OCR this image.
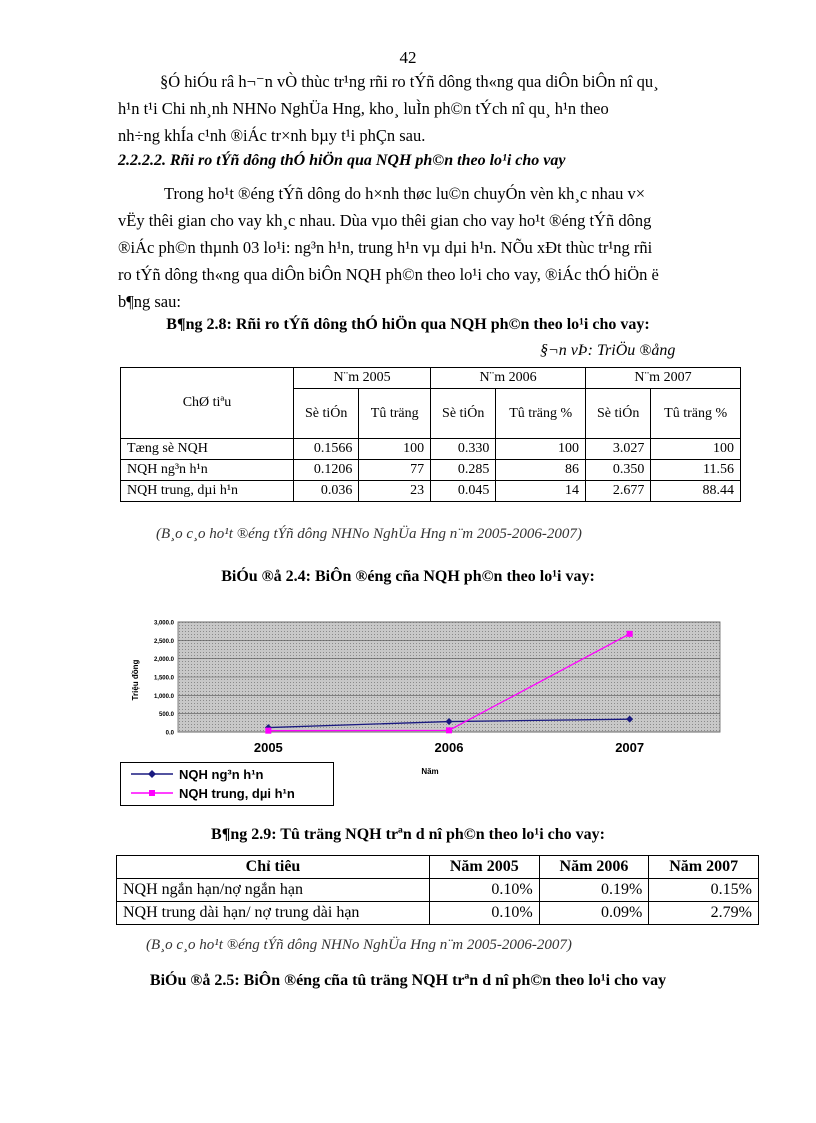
42
§Ó hiÓu râ h¬⁻n vÒ thùc tr¹ng rñi ro tÝñ dông th«ng qua diÔn biÔn nî qu¸
h¹n t¹i Chi nh¸nh NHNo NghÜa Hng, kho¸ luÌn ph©n tÝch nî qu¸ h¹n theo
nh÷ng khÍa c¹nh ®iÁc tr×nh bµy t¹i phÇn sau.
2.2.2.2. Rñi ro tÝñ dông thÓ hiÖn qua NQH ph©n theo lo¹i cho vay
Trong ho¹t ®éng tÝñ dông do h×nh thøc lu©n chuyÓn vèn kh¸c nhau v×
vËy thêi gian cho vay kh¸c nhau. Dùa vµo thêi gian cho vay ho¹t ®éng tÝñ dông
®iÁc ph©n thµnh 03 lo¹i: ng³n h¹n, trung h¹n vµ dµi h¹n. NÕu xÐt thùc tr¹ng rñi
ro tÝñ dông th«ng qua diÔn biÔn NQH ph©n theo lo¹i cho vay, ®iÁc thÓ hiÖn ë
b¶ng sau:
B¶ng 2.8: Rñi ro tÝñ dông thÓ hiÖn qua NQH ph©n theo lo¹i cho vay:
§¬n vÞ: TriÖu ®ång
ChØ tiªu	N¨m 2005		N¨m 2006		N¨m 2007	
	Sè tiÓn	Tû träng	Sè tiÓn	Tû träng %	Sè tiÓn	Tû träng %
Tæng sè NQH	0.1566	100	0.330	100	3.027	100
NQH ng³n h¹n	0.1206	77	0.285	86	0.350	11.56
NQH trung, dµi h¹n	0.036	23	0.045	14	2.677	88.44
(B¸o c¸o ho¹t ®éng tÝñ dông NHNo NghÜa Hng n¨m 2005-2006-2007)
BiÓu ®å 2.4: BiÔn ®éng cña NQH ph©n theo lo¹i vay:
0.0
500.0
1,000.0
1,500.0
2,000.0
2,500.0
3,000.0
2005	2006	2007
Triệu đồng
Năm
NQH ng³n h¹n
NQH trung, dµi h¹n
B¶ng 2.9: Tû träng NQH trªn d nî ph©n theo lo¹i cho vay:
Chỉ tiêu	Năm 2005	Năm 2006	Năm 2007
NQH ngắn hạn/nợ ngắn hạn	0.10%	0.19%	0.15%
NQH trung dài hạn/ nợ trung dài hạn	0.10%	0.09%	2.79%
(B¸o c¸o ho¹t ®éng tÝñ dông NHNo NghÜa Hng n¨m 2005-2006-2007)
BiÓu ®å 2.5: BiÔn ®éng cña tû träng NQH trªn d nî ph©n theo lo¹i cho vay
